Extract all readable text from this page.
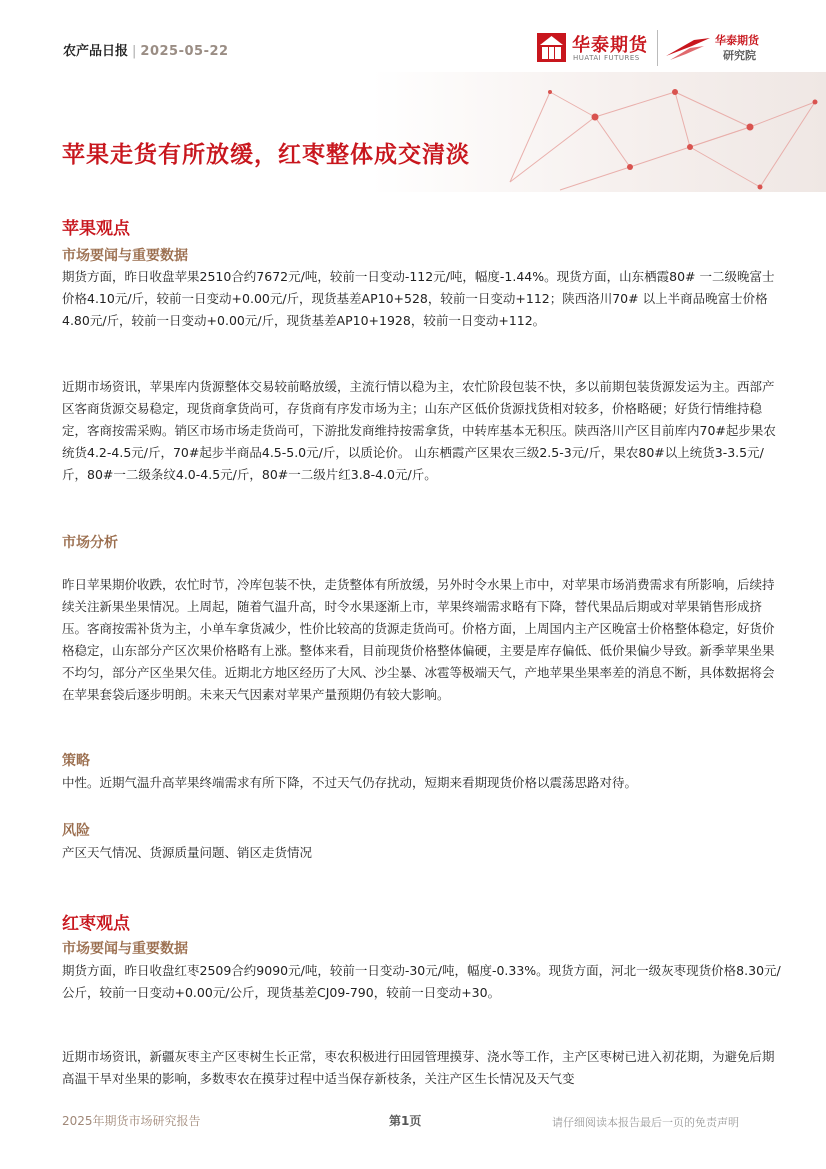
农产品日报 | 2025-05-22	华泰期货
HUATAI FUTURES
华泰期货
研究院
苹果走货有所放缓，红枣整体成交清淡
苹果观点
市场要闻与重要数据

期货方面，昨日收盘苹果2510合约7672元/吨，较前一日变动-112元/吨，幅度-1.44%。现货方面，山东栖霞80# 一二级晚富士价格4.10元/斤，较前一日变动+0.00元/斤，现货基差AP10+528，较前一日变动+112；陕西洛川70# 以上半商品晚富士价格4.80元/斤，较前一日变动+0.00元/斤，现货基差AP10+1928，较前一日变动+112。

近期市场资讯，苹果库内货源整体交易较前略放缓，主流行情以稳为主，农忙阶段包装不快，多以前期包装货源发运为主。西部产区客商货源交易稳定，现货商拿货尚可，存货商有序发市场为主；山东产区低价货源找货相对较多，价格略硬；好货行情维持稳定，客商按需采购。销区市场市场走货尚可，下游批发商维持按需拿货，中转库基本无积压。陕西洛川产区目前库内70#起步果农统货4.2-4.5元/斤，70#起步半商品4.5-5.0元/斤，以质论价。 山东栖霞产区果农三级2.5-3元/斤，果农80#以上统货3-3.5元/斤，80#一二级条纹4.0-4.5元/斤，80#一二级片红3.8-4.0元/斤。

市场分析

昨日苹果期价收跌，农忙时节，冷库包装不快，走货整体有所放缓，另外时令水果上市中，对苹果市场消费需求有所影响，后续持续关注新果坐果情况。上周起，随着气温升高，时令水果逐渐上市，苹果终端需求略有下降，替代果品后期或对苹果销售形成挤压。客商按需补货为主，小单车拿货减少，性价比较高的货源走货尚可。价格方面，上周国内主产区晚富士价格整体稳定，好货价格稳定，山东部分产区次果价格略有上涨。整体来看，目前现货价格整体偏硬，主要是库存偏低、低价果偏少导致。新季苹果坐果不均匀，部分产区坐果欠佳。近期北方地区经历了大风、沙尘暴、冰雹等极端天气，产地苹果坐果率差的消息不断，具体数据将会在苹果套袋后逐步明朗。未来天气因素对苹果产量预期仍有较大影响。

策略

中性。近期气温升高苹果终端需求有所下降，不过天气仍存扰动，短期来看期现货价格以震荡思路对待。

风险

产区天气情况、货源质量问题、销区走货情况

红枣观点
市场要闻与重要数据

期货方面，昨日收盘红枣2509合约9090元/吨，较前一日变动-30元/吨，幅度-0.33%。现货方面，河北一级灰枣现货价格8.30元/公斤，较前一日变动+0.00元/公斤，现货基差CJ09-790，较前一日变动+30。

近期市场资讯，新疆灰枣主产区枣树生长正常，枣农积极进行田园管理摸芽、浇水等工作，主产区枣树已进入初花期，为避免后期高温干旱对坐果的影响，多数枣农在摸芽过程中适当保存新枝条，关注产区生长情况及天气变

2025年期货市场研究报告	第1页	请仔细阅读本报告最后一页的免责声明
